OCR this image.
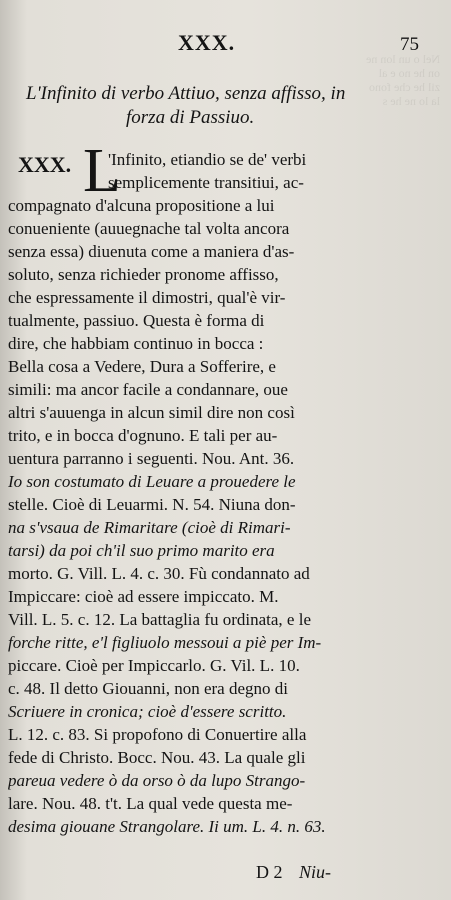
Nel o un lon ne
on he no e al
zil he che fono
la lo ne he s
XXX.	75
L'Infinito di verbo Attiuo, senza affisso, in
forza di Passiuo.
XXX. L
'Infinito, etiandio se de' verbi
semplicemente transitiui, ac-
compagnato d'alcuna propositione a lui
conueniente (auuegnache tal volta ancora
senza essa) diuenuta come a maniera d'as-
soluto, senza richieder pronome affisso,
che espressamente il dimostri, qual'è vir-
tualmente, passiuo. Questa è forma di
dire, che habbiam continuo in bocca :
Bella cosa a Vedere, Dura a Sofferire, e
simili: ma ancor facile a condannare, oue
altri s'auuenga in alcun simil dire non così
trito, e in bocca d'ognuno. E tali per au-
uentura parranno i seguenti. Nou. Ant. 36.
Io son costumato di Leuare a prouedere le
stelle. Cioè di Leuarmi. N. 54. Niuna don-
na s'vsaua de Rimaritare (cioè di Rimari-
tarsi) da poi ch'il suo primo marito era
morto. G. Vill. L. 4. c. 30. Fù condannato ad
Impiccare: cioè ad essere impiccato. M.
Vill. L. 5. c. 12. La battaglia fu ordinata, e le
forche ritte, e'l figliuolo messoui a piè per Im-
piccare. Cioè per Impiccarlo. G. Vil. L. 10.
c. 48. Il detto Giouanni, non era degno di
Scriuere in cronica; cioè d'essere scritto.
L. 12. c. 83. Si propofono di Conuertire alla
fede di Christo. Bocc. Nou. 43. La quale gli
pareua vedere ò da orso ò da lupo Strango-
lare. Nou. 48. t't. La qual vede questa me-
desima giouane Strangolare. Ii um. L. 4. n. 63.
D 2 Niu-
